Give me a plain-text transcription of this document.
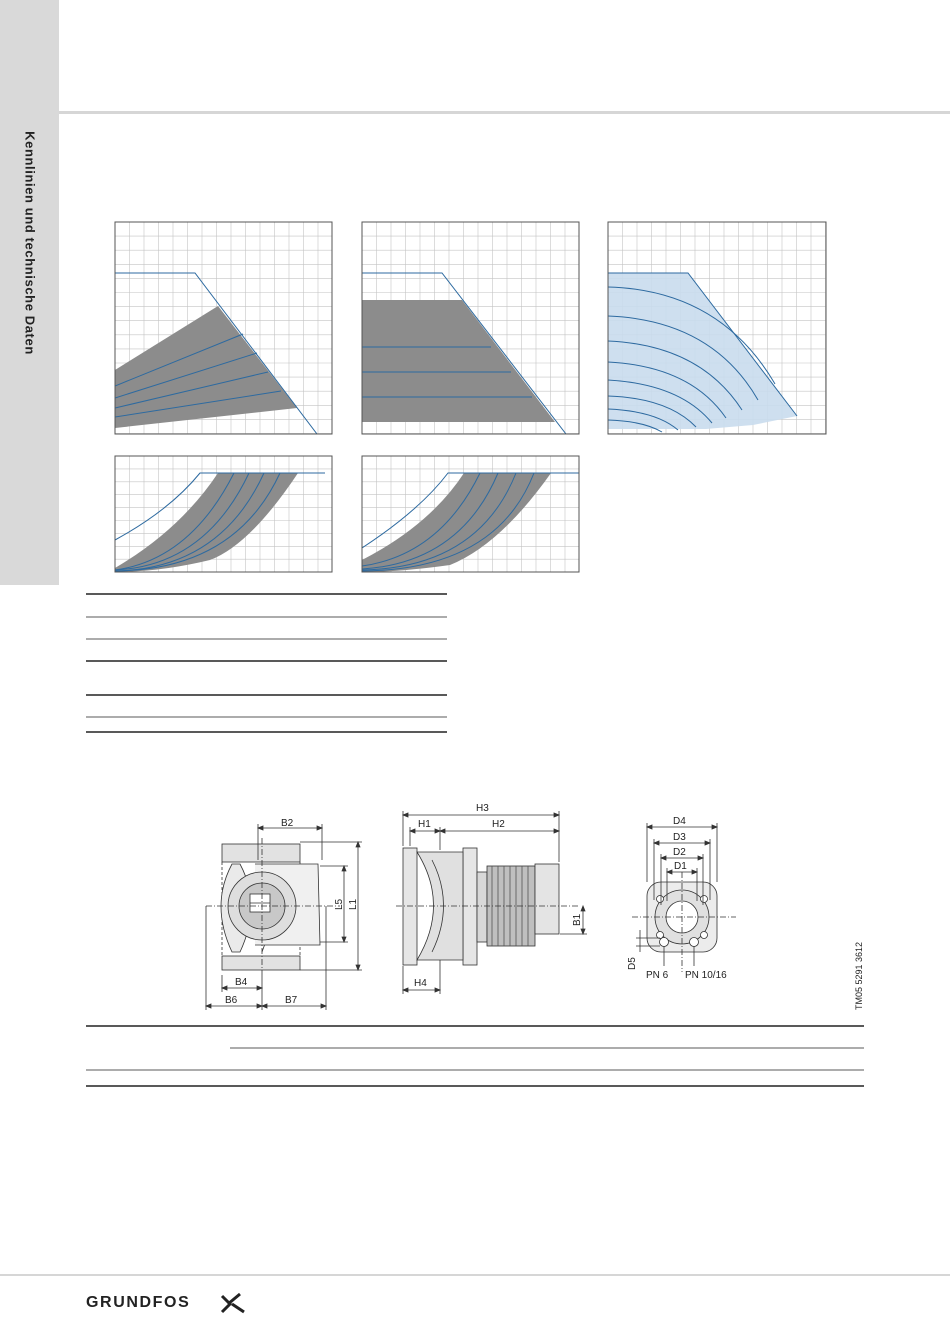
Kennlinien und technische Daten
B2
B4
B6	B7
L5 L1
H3
H1	H2
H4
B1
D4
D3
D2
D1
D5
PN 6 PN 10/16	TM05 5291 3612
GRUNDFOS
